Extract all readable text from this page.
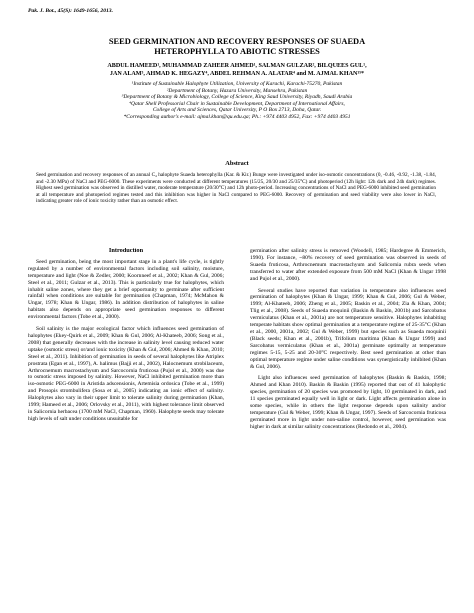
Pak. J. Bot., 45(S): 1649-1656, 2013.
SEED GERMINATION AND RECOVERY RESPONSES OF SUAEDA
HETEROPHYLLA TO ABIOTIC STRESSES
ABDUL HAMEED¹, MUHAMMAD ZAHEER AHMED¹, SALMAN GULZAR², BILQUEES GUL¹,
JAN ALAM³, AHMAD K. HEGAZY⁴, ABDEL REHMAN A. ALATAR⁴ and M. AJMAL KHAN¹⁵*
¹Institute of Sustainable Halophyte Utilization, University of Karachi, Karachi-75270, Pakistan
²Department of Botany, Hazara University, Mansehra, Pakistan
³Department of Botany & Microbiology, College of Science, King Saud University, Riyadh, Saudi Arabia
⁴Qatar Shell Professorial Chair in Sustainable Development, Department of International Affairs,
College of Arts and Sciences, Qatar University, P O Box 2713, Doha, Qatar.
*Corresponding author's e-mail: ajmal.khan@qu.edu.qa; Ph.: +974 4403 4952, Fax: +974 4403 4951
Abstract

Seed germination and recovery responses of an annual C₄ halophyte Suaeda heterophylla (Kar. & Kir.) Bunge were investigated under iso-osmotic concentrations (0, -0.46, -0.92, -1.38, -1.84, and -2.30 MPa) of NaCl and PEG-6000. These experiments were conducted at different temperatures (15/25, 20/30 and 25/35°C) and photoperiod (12h light: 12h dark and 24h dark) regimes. Highest seed germination was observed in distilled water, moderate temperature (20/30°C) and 12h photo-period. Increasing concentrations of NaCl and PEG-6000 inhibited seed germination at all temperature and photoperiod regimes tested and this inhibition was higher in NaCl compared to PEG-6000. Recovery of germination and seed viability were also lower in NaCl, indicating greater role of ionic toxicity rather than an osmotic effect.

Introduction

Seed germination, being the most important stage in a plant's life cycle, is tightly regulated by a number of environmental factors including soil salinity, moisture, temperature and light (Noe & Zedler, 2000; Koornneef et al., 2002; Khan & Gul, 2006; Steel et al., 2011; Gulzar et al., 2013). This is particularly true for halophytes, which inhabit saline zones, where they get a brief opportunity to germinate after sufficient rainfall when conditions are suitable for germination (Chapman, 1974; McMahon & Ungar, 1978; Khan & Ungar, 1986). In addition distribution of halophytes in saline habitats also depends on appropriate seed germination responses to different environmental factors (Tobe et al., 2000).

Soil salinity is the major ecological factor which influences seed germination of halophytes (Ekey-Quirk et al., 2009; Khan & Gul, 2006; Al-Khateeb, 2006; Song et al., 2008) that generally decreases with the increase in salinity level causing reduced water uptake (osmotic stress) or/and ionic toxicity (Khan & Gul, 2006; Ahmed & Khan, 2010; Steel et al., 2011). Inhibition of germination in seeds of several halophytes like Atriplex prostrata (Egan et al., 1997), A. halimus (Bajji et al., 2002), Halocnemum strobilaceum, Arthrocnemum macrostachyum and Sarcocornia fruticosa (Pujol et al., 2000) was due to osmotic stress imposed by salinity. However, NaCl inhibited germination more than iso-osmotic PEG-6000 in Aristida adscensionis, Artemisia ordosica (Tobe et al., 1999) and Prosopis strombulifera (Sosa et al., 2005) indicating an ionic effect of salinity. Halophytes also vary in their upper limit to tolerate salinity during germination (Khan, 1999; Hameed et al., 2006; Orlovsky et al., 2011), with highest tolerance limit observed in Salicornia herbacea (1700 mM NaCl, Chapman, 1960). Halophyte seeds may tolerate high levels of salt under conditions unsuitable for

germination after salinity stress is removed (Woodell, 1985; Hardegree & Emmerich, 1990). For instance, ~80% recovery of seed germination was observed in seeds of Suaeda fruticosa, Arthrocnemum macrostachyum and Salicornia rubra seeds when transferred to water after extended exposure from 500 mM NaCl (Khan & Ungar 1998 and Pujol et al., 2000).

Several studies have reported that variation in temperature also influences seed germination of halophytes (Khan & Ungar, 1999; Khan & Gul, 2006; Gul & Weber, 1999; Al-Khateeb, 2006; Zheng et al., 2005; Baskin et al., 2004; Zia & Khan, 2004; Tlig et al., 2008). Seeds of Suaeda moquinii (Baskin & Baskin, 2001b) and Sarcobatus vermiculatus (Khan et al., 2001a) are not temperature sensitive. Halophytes inhabiting temperate habitats show optimal germination at a temperature regime of 25-35°C (Khan et al., 2000, 2001a, 2002; Gul & Weber, 1999) but species such as Suaeda moquinii (Black seeds; Khan et al., 2001b), Trifolium maritima (Khan & Ungar 1999) and Sarcobatus vermiculatus (Khan et al., 2001a) germinate optimally at temperature regimes 5-15, 5-25 and 20-30°C respectively. Best seed germination at other than optimal temperature regime under saline conditions was synergistically inhibited (Khan & Gul, 2006).

Light also influences seed germination of halophytes (Baskin & Baskin, 1998; Ahmed and Khan 2010). Baskin & Baskin (1995) reported that out of 41 halophytic species, germination of 20 species was promoted by light, 10 germinated in dark, and 11 species germinated equally well in light or dark. Light affects germination alone in some species, while in others the light response depends upon salinity and/or temperature (Gul & Weber, 1999; Khan & Ungar, 1997). Seeds of Sarcocornia fruticosa germinated more in light under non-saline control, however, seed germination was higher in dark at similar salinity concentrations (Redondo et al., 2004).
